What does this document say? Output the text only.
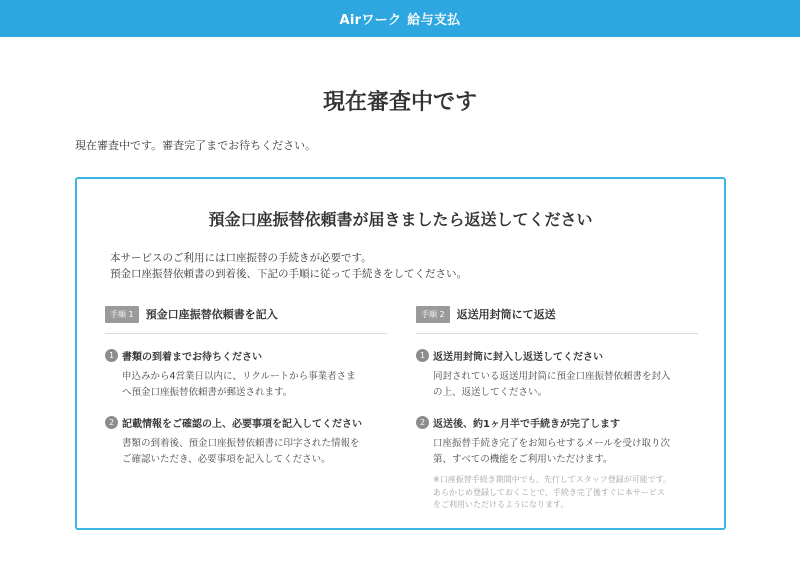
Airワーク 給与支払
現在審査中です

現在審査中です。審査完了までお待ちください。

預金口座振替依頼書が届きましたら返送してください
本サービスのご利用には口座振替の手続きが必要です。
預金口座振替依頼書の到着後、下記の手順に従って手続きをしてください。
手順 1	預金口座振替依頼書を記入
1 書類の到着までお待ちください
申込みから4営業日以内に、リクルートから事業者さま
へ預金口座振替依頼書が郵送されます。
2 記載情報をご確認の上、必要事項を記入してください
書類の到着後、預金口座振替依頼書に印字された情報を
ご確認いただき、必要事項を記入してください。
手順 2	返送用封筒にて返送
1 返送用封筒に封入し返送してください
同封されている返送用封筒に預金口座振替依頼書を封入
の上、返送してください。
2 返送後、約1ヶ月半で手続きが完了します
口座振替手続き完了をお知らせするメールを受け取り次
第、すべての機能をご利用いただけます。
※口座振替手続き期間中でも、先行してスタッフ登録が可能です。
あらかじめ登録しておくことで、手続き完了後すぐに本サービス
をご利用いただけるようになります。
